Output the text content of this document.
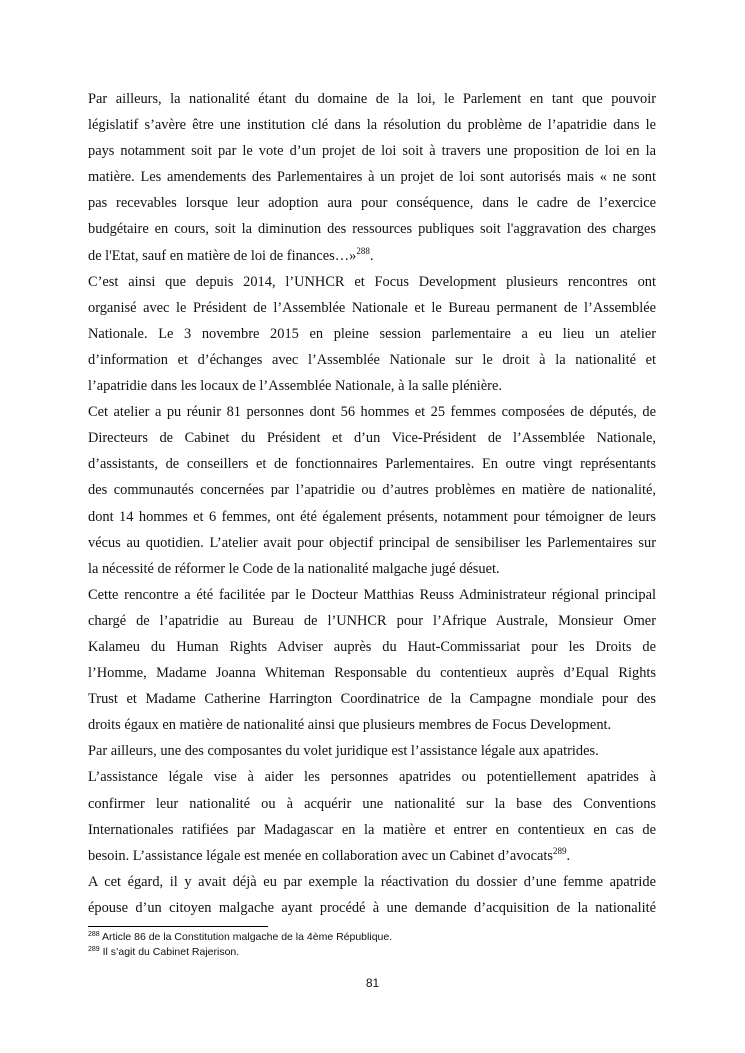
Par ailleurs, la nationalité étant du domaine de la loi, le Parlement en tant que pouvoir
législatif s’avère être une institution clé dans la résolution du problème de l’apatridie dans le
pays notamment soit par le vote d’un projet de loi soit à travers une proposition de loi en la
matière. Les amendements des Parlementaires à un projet de loi sont autorisés mais « ne sont
pas recevables lorsque leur adoption aura pour conséquence, dans le cadre de l’exercice
budgétaire en cours, soit la diminution des ressources publiques soit l'aggravation des charges
de l'Etat, sauf en matière de loi de finances…»$^{288}$.

C’est ainsi que depuis 2014, l’UNHCR et Focus Development plusieurs rencontres ont
organisé avec le Président de l’Assemblée Nationale et le Bureau permanent de l’Assemblée
Nationale. Le 3 novembre 2015 en pleine session parlementaire a eu lieu un atelier
d’information et d’échanges avec l’Assemblée Nationale sur le droit à la nationalité et
l’apatridie dans les locaux de l’Assemblée Nationale, à la salle plénière.

Cet atelier a pu réunir 81 personnes dont 56 hommes et 25 femmes composées de députés, de
Directeurs de Cabinet du Président et d’un Vice-Président de l’Assemblée Nationale,
d’assistants, de conseillers et de fonctionnaires Parlementaires. En outre vingt représentants
des communautés concernées par l’apatridie ou d’autres problèmes en matière de nationalité,
dont 14 hommes et 6 femmes, ont été également présents, notamment pour témoigner de leurs
vécus au quotidien. L’atelier avait pour objectif principal de sensibiliser les Parlementaires sur
la nécessité de réformer le Code de la nationalité malgache jugé désuet.

Cette rencontre a été facilitée par le Docteur Matthias Reuss Administrateur régional principal
chargé de l’apatridie au Bureau de l’UNHCR pour l’Afrique Australe, Monsieur Omer
Kalameu du Human Rights Adviser auprès du Haut-Commissariat pour les Droits de
l’Homme, Madame Joanna Whiteman Responsable du contentieux auprès d’Equal Rights
Trust et Madame Catherine Harrington Coordinatrice de la Campagne mondiale pour des
droits égaux en matière de nationalité ainsi que plusieurs membres de Focus Development.

Par ailleurs, une des composantes du volet juridique est l’assistance légale aux apatrides.

L’assistance légale vise à aider les personnes apatrides ou potentiellement apatrides à
confirmer leur nationalité ou à acquérir une nationalité sur la base des Conventions
Internationales ratifiées par Madagascar en la matière et entrer en contentieux en cas de
besoin. L’assistance légale est menée en collaboration avec un Cabinet d’avocats$^{289}$.

A cet égard, il y avait déjà eu par exemple la réactivation du dossier d’une femme apatride
épouse d’un citoyen malgache ayant procédé à une demande d’acquisition de la nationalité

$^{288}$ Article 86 de la Constitution malgache de la 4ème République.
$^{289}$ Il s’agit du Cabinet Rajerison.
81
